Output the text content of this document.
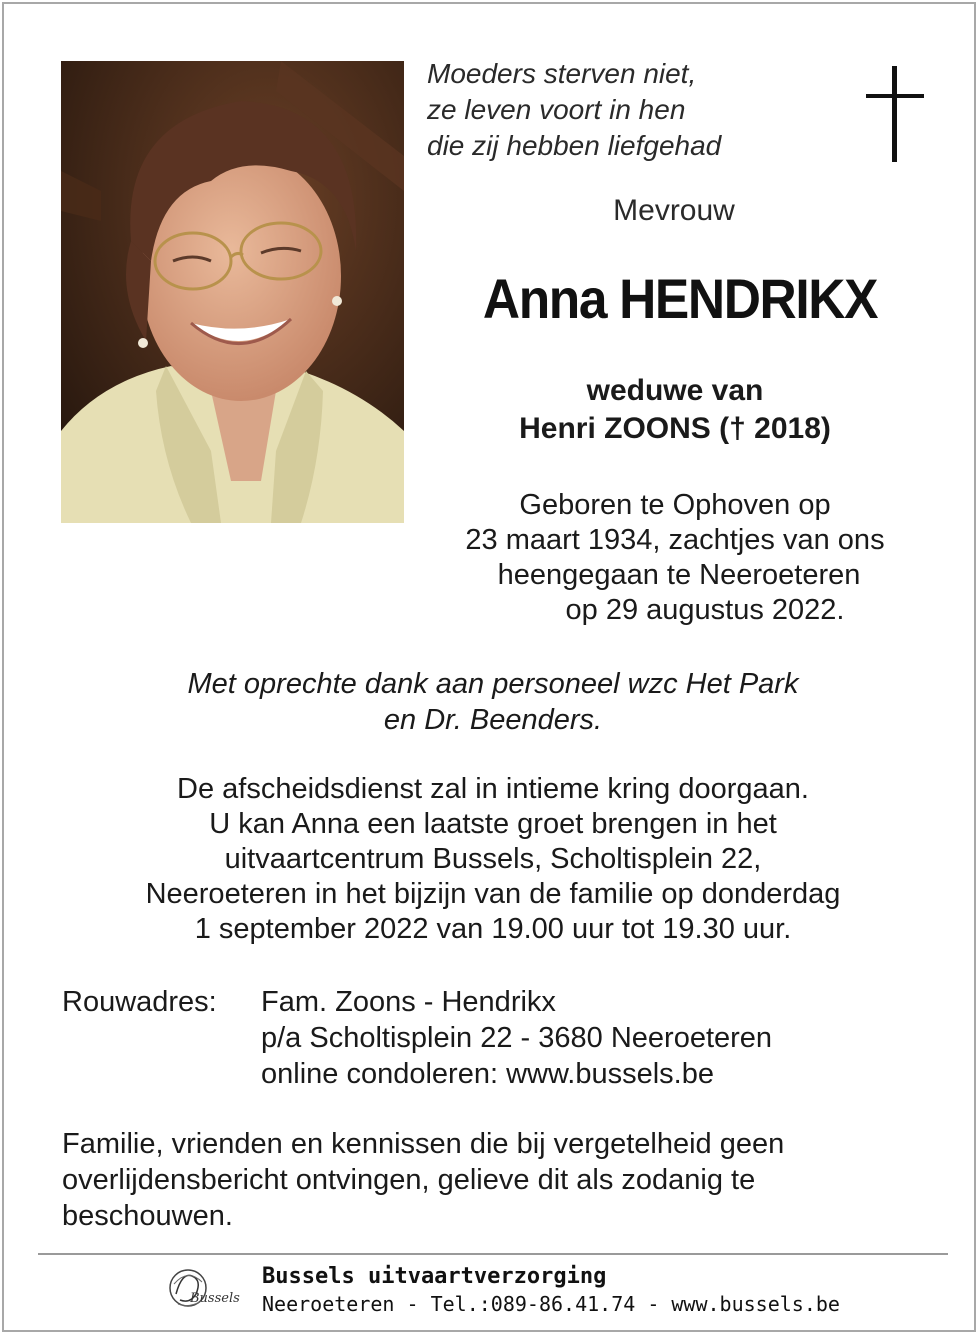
Moeders sterven niet,
ze leven voort in hen
die zij hebben liefgehad
Mevrouw
Anna HENDRIKX
weduwe van
Henri ZOONS († 2018)
Geboren te Ophoven op
23 maart 1934, zachtjes van ons
heengegaan te Neeroeteren
op 29 augustus 2022.
Met oprechte dank aan personeel wzc Het Park
en Dr. Beenders.
De afscheidsdienst zal in intieme kring doorgaan.
U kan Anna een laatste groet brengen in het
uitvaartcentrum Bussels, Scholtisplein 22,
Neeroeteren in het bijzijn van de familie op donderdag
1 september 2022 van 19.00 uur tot 19.30 uur.
Rouwadres: Fam. Zoons - Hendrikx
p/a Scholtisplein 22 - 3680 Neeroeteren
online condoleren: www.bussels.be
Familie, vrienden en kennissen die bij vergetelheid geen
overlijdensbericht ontvingen, gelieve dit als zodanig te
beschouwen.
Bussels
Bussels uitvaartverzorging
Neeroeteren - Tel.:089-86.41.74 - www.bussels.be
